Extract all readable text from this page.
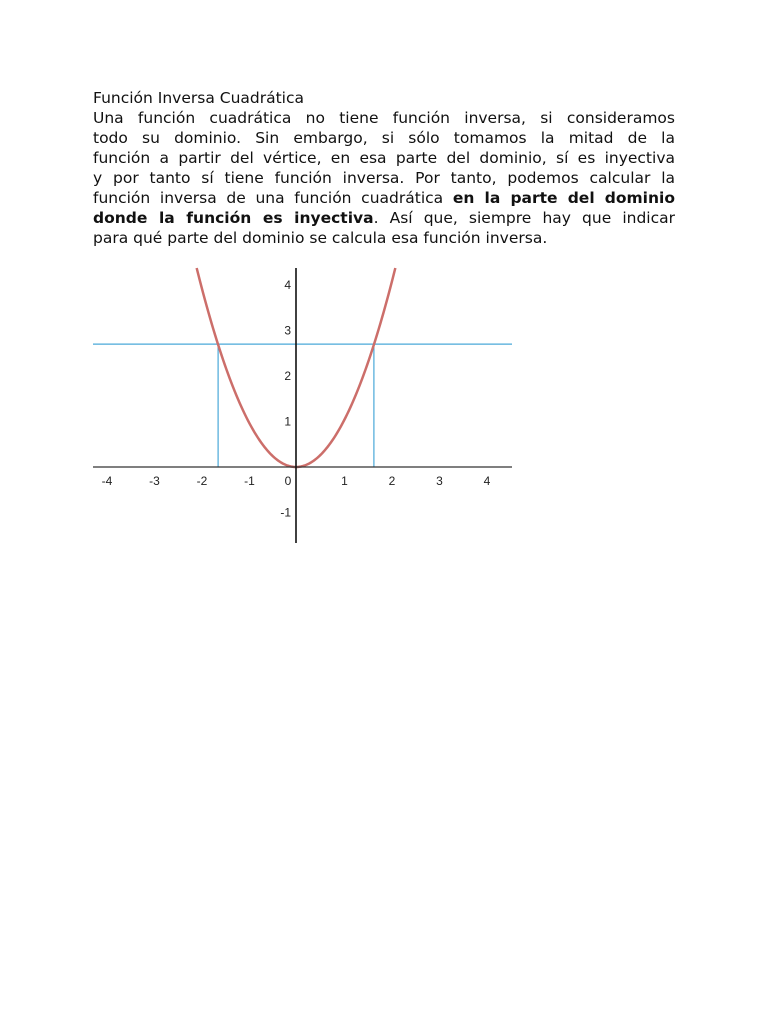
Función Inversa Cuadrática
Una función cuadrática no tiene función inversa, si consideramos
todo su dominio. Sin embargo, si sólo tomamos la mitad de la
función a partir del vértice, en esa parte del dominio, sí es inyectiva
y por tanto sí tiene función inversa. Por tanto, podemos calcular la
función inversa de una función cuadrática en la parte del dominio
donde la función es inyectiva. Así que, siempre hay que indicar
para qué parte del dominio se calcula esa función inversa.
-4	-3	-2	-1 0	1	2	3	4
4
3
2
1
-1
